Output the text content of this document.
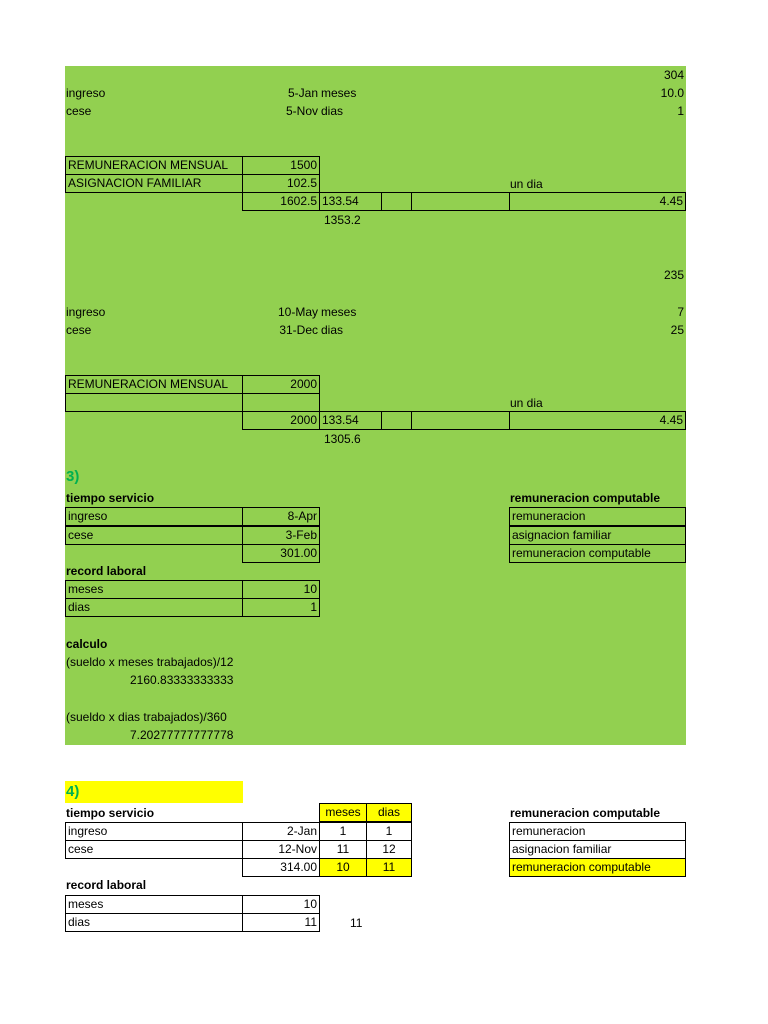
304
ingreso	5-Jan meses	10.0
cese	5-Nov dias	1
REMUNERACION MENSUAL	1500
ASIGNACION FAMILIAR	102.5	un dia
1602.5 133.54	4.45
1353.2
235
ingreso	10-May meses	7
cese	31-Dec dias	25
REMUNERACION MENSUAL	2000
un dia
2000 133.54	4.45
1305.6
3)
tiempo servicio	remuneracion computable
ingreso	8-Apr
cese	3-Feb
301.00
remuneracion
asignacion familiar
remuneracion computable
record laboral
meses	10
dias	1
calculo
(sueldo x meses trabajados)/12
2160.83333333333
(sueldo x dias trabajados)/360
7.20277777777778
4)
tiempo servicio	meses	dias	remuneracion computable
ingreso	2-Jan	1	1
cese	12-Nov	11	12
314.00	10	11
remuneracion
asignacion familiar
remuneracion computable
record laboral
meses	10
dias	11	11
